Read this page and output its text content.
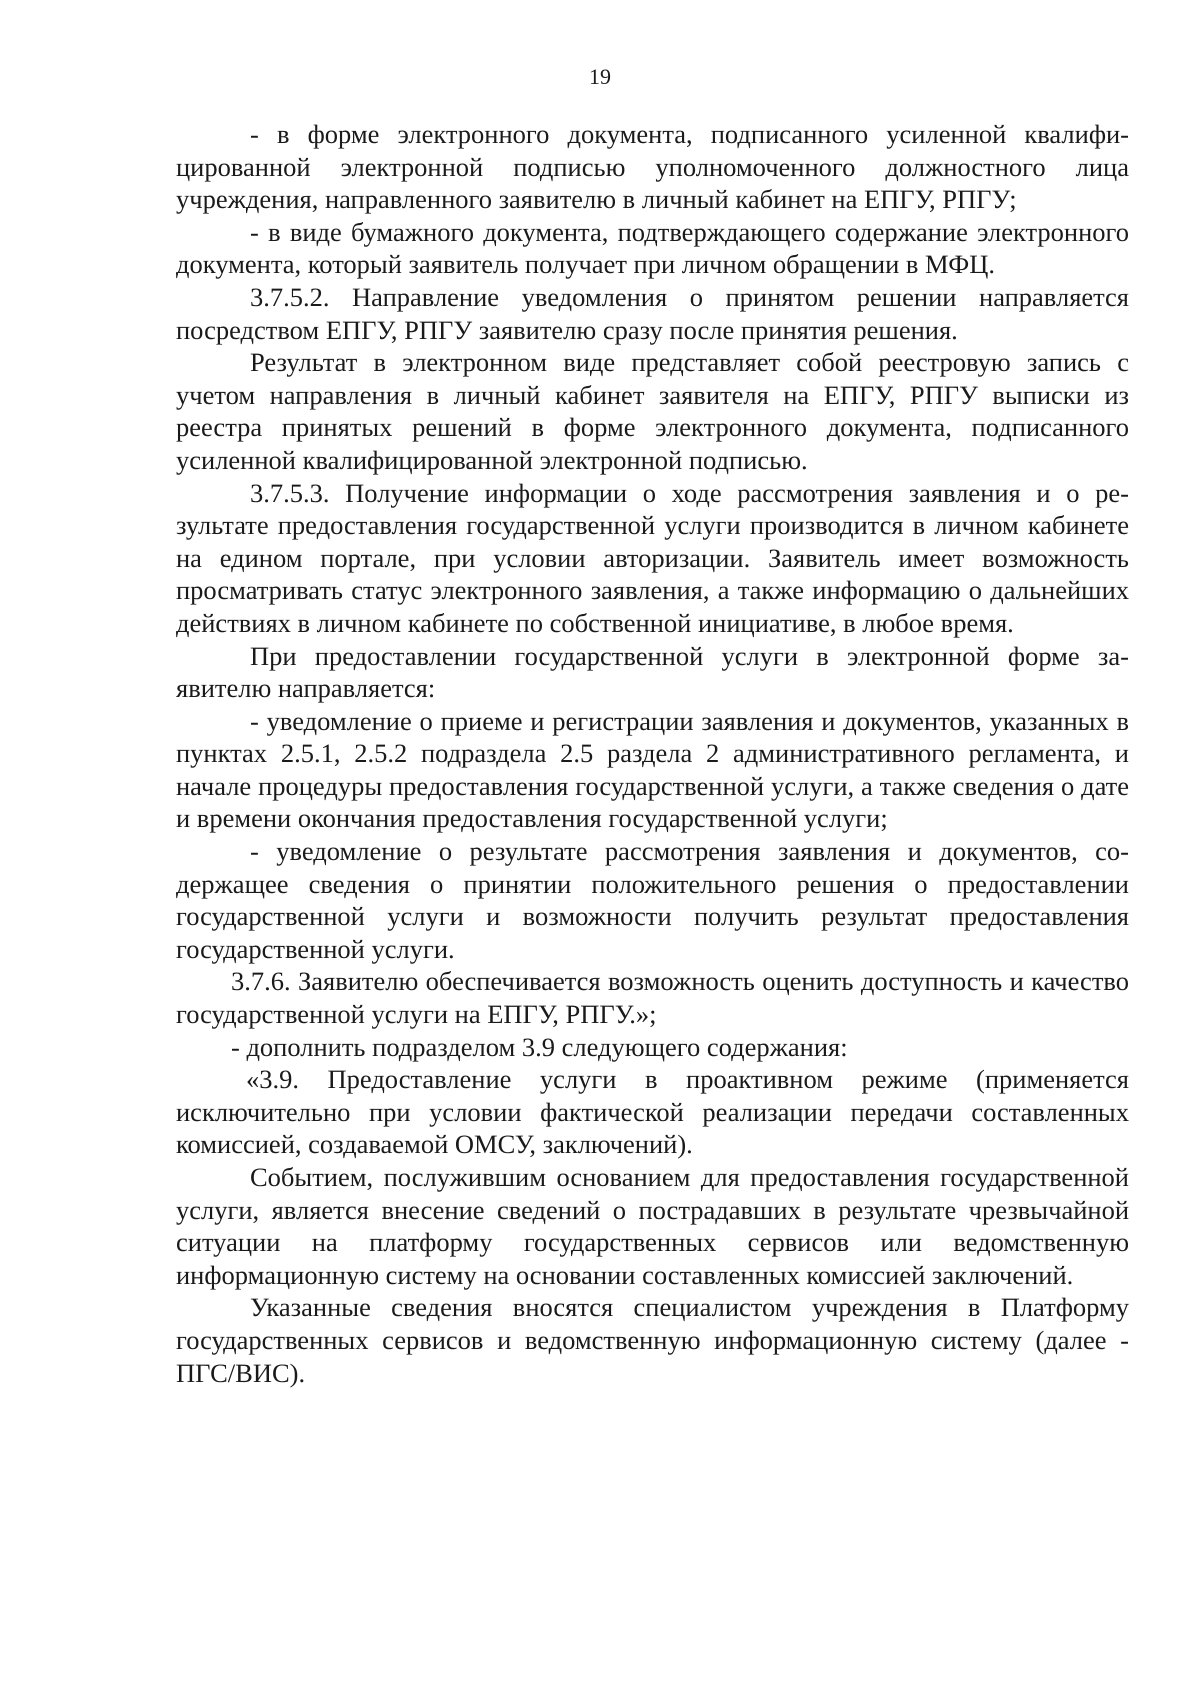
19

- в форме электронного документа, подписанного усиленной квалифицированной электронной подписью уполномоченного должностного лица учреждения, направленного заявителю в личный кабинет на ЕПГУ, РПГУ;

- в виде бумажного документа, подтверждающего содержание электронного документа, который заявитель получает при личном обращении в МФЦ.

3.7.5.2. Направление уведомления о принятом решении направляется посредством ЕПГУ, РПГУ заявителю сразу после принятия решения.

Результат в электронном виде представляет собой реестровую запись с учетом направления в личный кабинет заявителя на ЕПГУ, РПГУ выписки из реестра принятых решений в форме электронного документа, подписанного усиленной квалифицированной электронной подписью.

3.7.5.3. Получение информации о ходе рассмотрения заявления и о результате предоставления государственной услуги производится в личном кабинете на едином портале, при условии авторизации. Заявитель имеет возможность просматривать статус электронного заявления, а также информацию о дальнейших действиях в личном кабинете по собственной инициативе, в любое время.

При предоставлении государственной услуги в электронной форме заявителю направляется:

- уведомление о приеме и регистрации заявления и документов, указанных в пунктах 2.5.1, 2.5.2 подраздела 2.5 раздела 2 административного регламента, и начале процедуры предоставления государственной услуги, а также сведения о дате и времени окончания предоставления государственной услуги;

- уведомление о результате рассмотрения заявления и документов, содержащее сведения о принятии положительного решения о предоставлении государственной услуги и возможности получить результат предоставления государственной услуги.

3.7.6. Заявителю обеспечивается возможность оценить доступность и качество государственной услуги на ЕПГУ, РПГУ.»;

- дополнить подразделом 3.9 следующего содержания:

«3.9. Предоставление услуги в проактивном режиме (применяется исключительно при условии фактической реализации передачи составленных комиссией, создаваемой ОМСУ, заключений).

Событием, послужившим основанием для предоставления государственной услуги, является внесение сведений о пострадавших в результате чрезвычайной ситуации на платформу государственных сервисов или ведомственную информационную систему на основании составленных комиссией заключений.

Указанные сведения вносятся специалистом учреждения в Платформу государственных сервисов и ведомственную информационную систему (далее - ПГС/ВИС).
